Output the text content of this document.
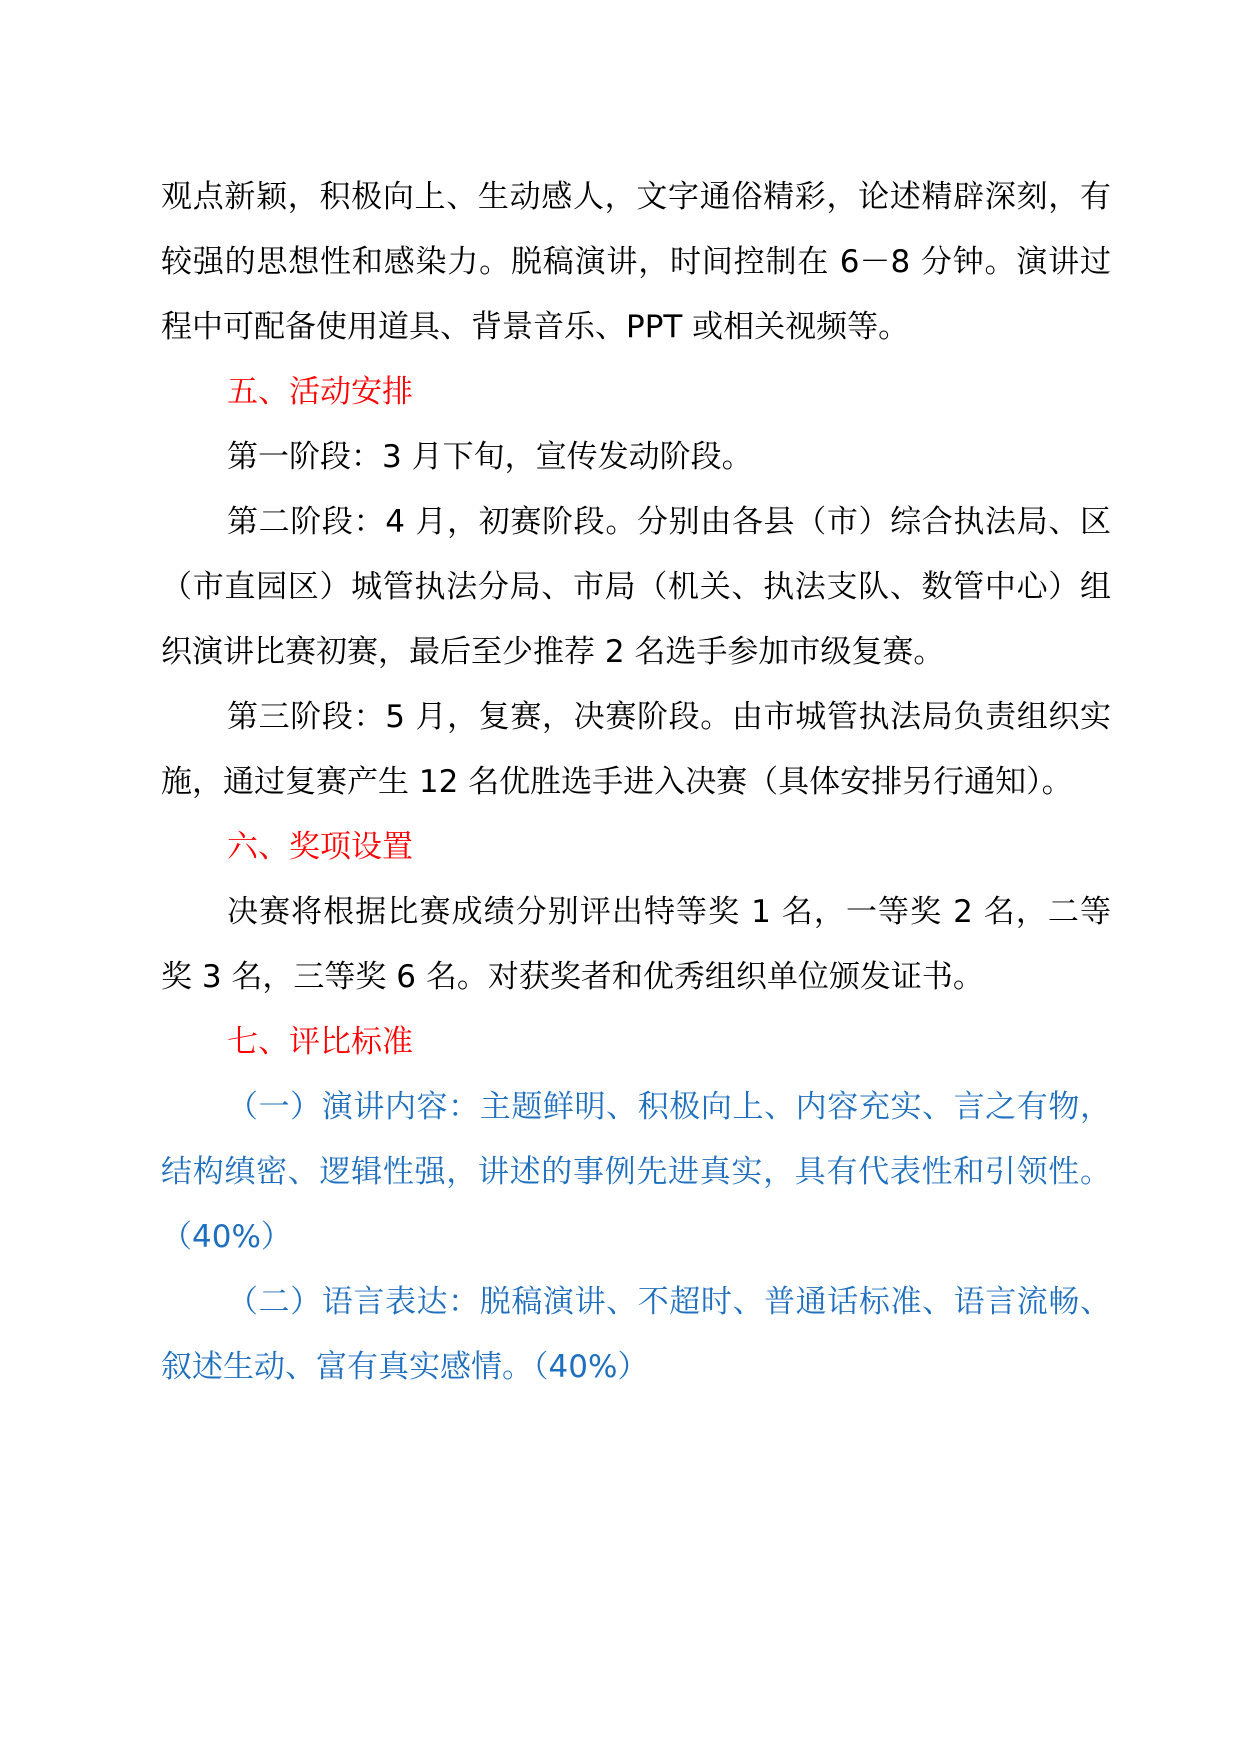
观点新颖，积极向上、生动感人，文字通俗精彩，论述精辟深刻，有较强的思想性和感染力。脱稿演讲，时间控制在 6－8 分钟。演讲过程中可配备使用道具、背景音乐、PPT 或相关视频等。

五、活动安排

第一阶段：3 月下旬，宣传发动阶段。

第二阶段：4 月，初赛阶段。分别由各县（市）综合执法局、区（市直园区）城管执法分局、市局（机关、执法支队、数管中心）组织演讲比赛初赛，最后至少推荐 2 名选手参加市级复赛。

第三阶段：5 月，复赛，决赛阶段。由市城管执法局负责组织实施，通过复赛产生 12 名优胜选手进入决赛（具体安排另行通知）。

六、奖项设置

决赛将根据比赛成绩分别评出特等奖 1 名，一等奖 2 名，二等奖 3 名，三等奖 6 名。对获奖者和优秀组织单位颁发证书。

七、评比标准

（一）演讲内容：主题鲜明、积极向上、内容充实、言之有物，结构缜密、逻辑性强，讲述的事例先进真实，具有代表性和引领性。（40%）

（二）语言表达：脱稿演讲、不超时、普通话标准、语言流畅、叙述生动、富有真实感情。（40%）
